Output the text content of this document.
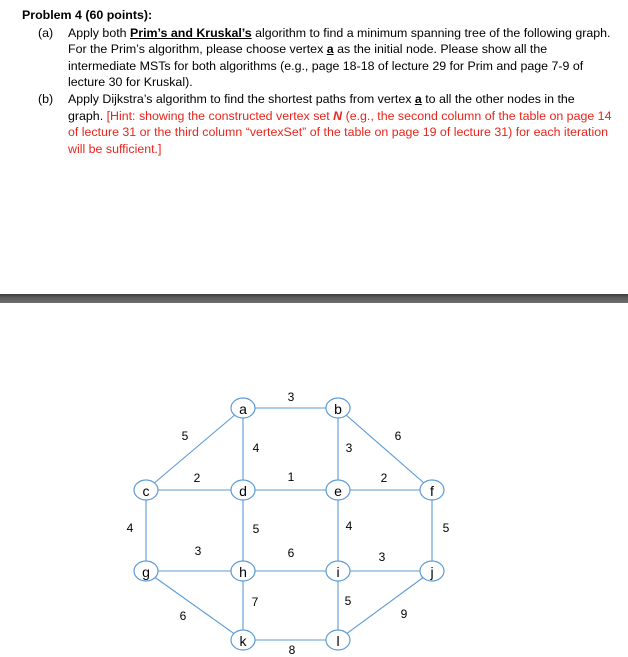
Problem 4 (60 points):

(a) Apply both Prim’s and Kruskal’s algorithm to find a minimum spanning tree of the following graph. For the Prim’s algorithm, please choose vertex a as the initial node. Please show all the intermediate MSTs for both algorithms (e.g., page 18-18 of lecture 29 for Prim and page 7-9 of lecture 30 for Kruskal).
(b) Apply Dijkstra’s algorithm to find the shortest paths from vertex a to all the other nodes in the graph. [Hint: showing the constructed vertex set N (e.g., the second column of the table on page 14 of lecture 31 or the third column “vertexSet” of the table on page 19 of lecture 31) for each iteration will be sufficient.]
3
5
4	3
6
2	1	2
4	5	4	5
3	6	3
6
7	5
8
9
a	b
c	d	e	f
g	h	i	j
k	l
